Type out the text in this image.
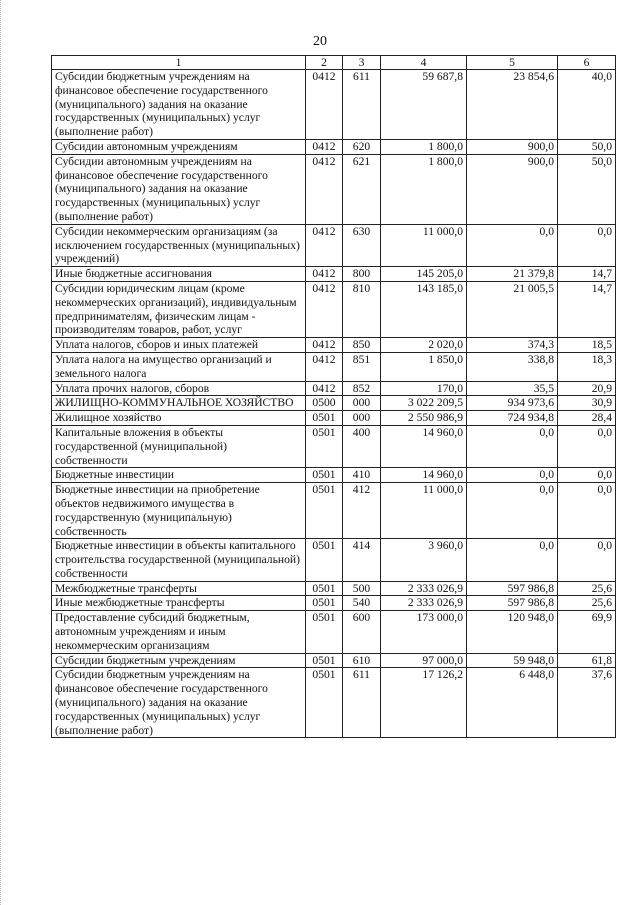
20
1	2	3	4	5	6
Субсидии бюджетным учреждениям на финансовое обеспечение государственного (муниципального) задания на оказание государственных (муниципальных) услуг (выполнение работ)	0412	611	59 687,8	23 854,6	40,0
Субсидии автономным учреждениям	0412	620	1 800,0	900,0	50,0
Субсидии автономным учреждениям на финансовое обеспечение государственного (муниципального) задания на оказание государственных (муниципальных) услуг (выполнение работ)	0412	621	1 800,0	900,0	50,0
Субсидии некоммерческим организациям (за исключением государственных (муниципальных) учреждений)	0412	630	11 000,0	0,0	0,0
Иные бюджетные ассигнования	0412	800	145 205,0	21 379,8	14,7
Субсидии юридическим лицам (кроме некоммерческих организаций), индивидуальным предпринимателям, физическим лицам - производителям товаров, работ, услуг	0412	810	143 185,0	21 005,5	14,7
Уплата налогов, сборов и иных платежей	0412	850	2 020,0	374,3	18,5
Уплата налога на имущество организаций и земельного налога	0412	851	1 850,0	338,8	18,3
Уплата прочих налогов, сборов	0412	852	170,0	35,5	20,9
ЖИЛИЩНО-КОММУНАЛЬНОЕ ХОЗЯЙСТВО	0500	000	3 022 209,5	934 973,6	30,9
Жилищное хозяйство	0501	000	2 550 986,9	724 934,8	28,4
Капитальные вложения в объекты государственной (муниципальной) собственности	0501	400	14 960,0	0,0	0,0
Бюджетные инвестиции	0501	410	14 960,0	0,0	0,0
Бюджетные инвестиции на приобретение объектов недвижимого имущества в государственную (муниципальную) собственность	0501	412	11 000,0	0,0	0,0
Бюджетные инвестиции в объекты капитального строительства государственной (муниципальной) собственности	0501	414	3 960,0	0,0	0,0
Межбюджетные трансферты	0501	500	2 333 026,9	597 986,8	25,6
Иные межбюджетные трансферты	0501	540	2 333 026,9	597 986,8	25,6
Предоставление субсидий бюджетным, автономным учреждениям и иным некоммерческим организациям	0501	600	173 000,0	120 948,0	69,9
Субсидии бюджетным учреждениям	0501	610	97 000,0	59 948,0	61,8
Субсидии бюджетным учреждениям на финансовое обеспечение государственного (муниципального) задания на оказание государственных (муниципальных) услуг (выполнение работ)	0501	611	17 126,2	6 448,0	37,6
